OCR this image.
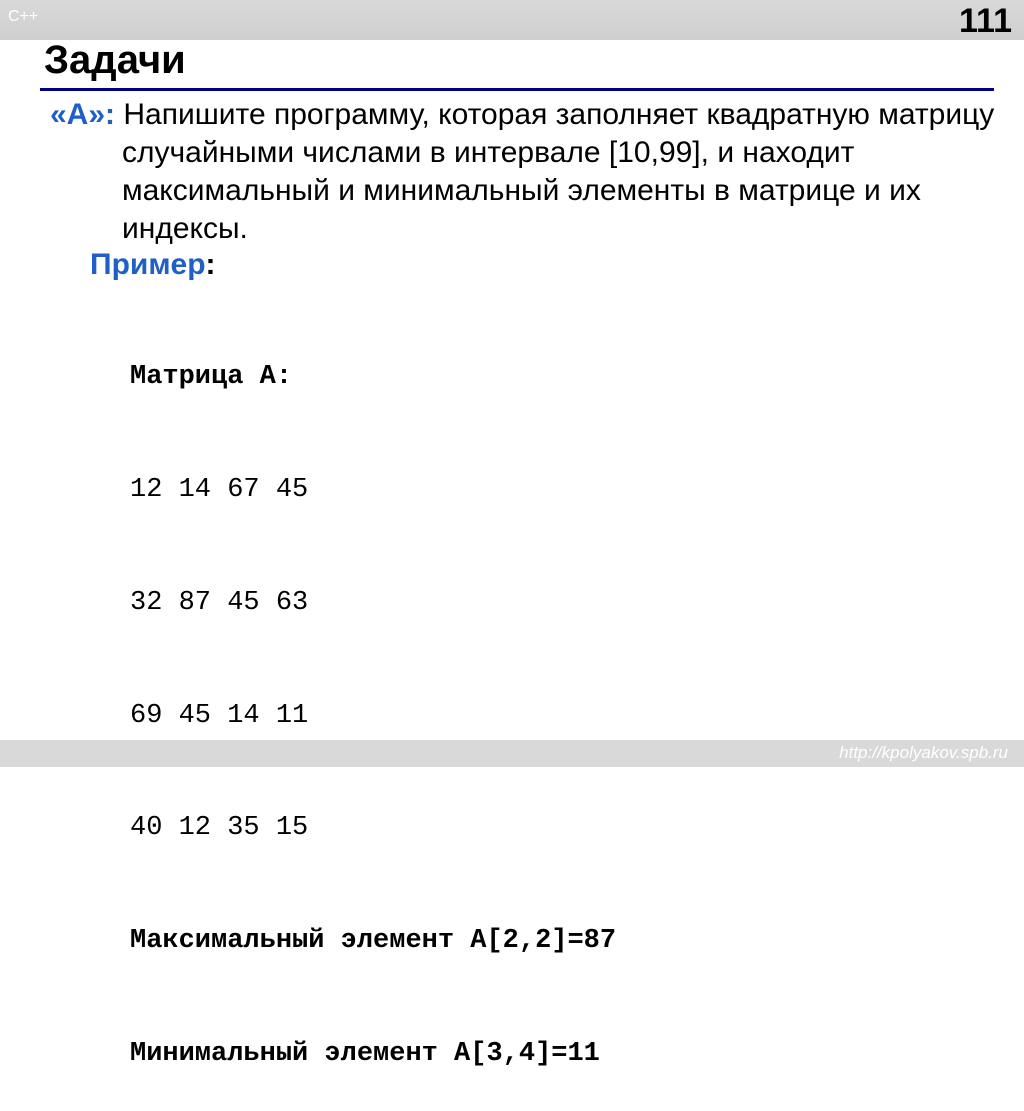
C++	111
Задачи
«A»: Напишите программу, которая заполняет квадратную матрицу случайными числами в интервале [10,99], и находит максимальный и минимальный элементы в матрице и их индексы.
Пример:

Матрица А:

12 14 67 45

32 87 45 63

69 45 14 11

40 12 35 15

Максимальный элемент A[2,2]=87

Минимальный элемент A[3,4]=11

http://kpolyakov.spb.ru
